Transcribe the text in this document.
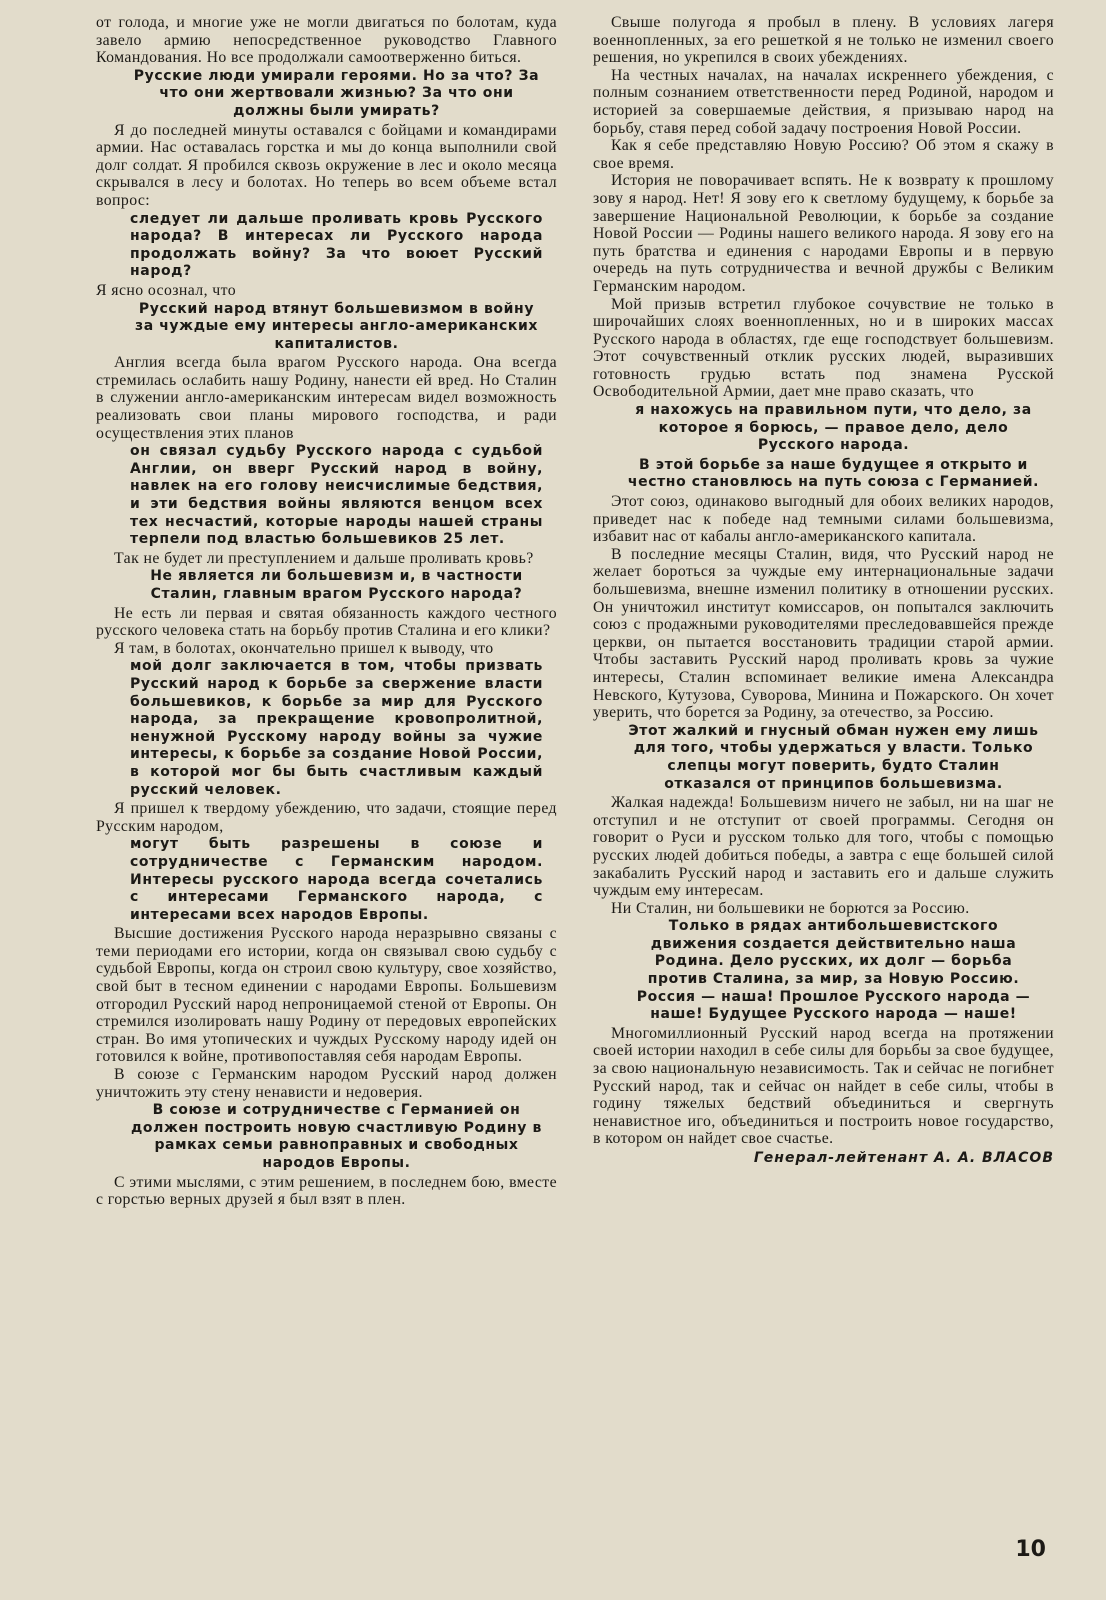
от голода, и многие уже не могли двигаться по болотам, куда завело армию непосредственное руководство Главного Командования. Но все продолжали самоотверженно биться.

Русские люди умирали героями. Но за что? За что они жертвовали жизнью? За что они должны были умирать?

Я до последней минуты оставался с бойцами и командирами армии. Нас оставалась горстка и мы до конца выполнили свой долг солдат. Я пробился сквозь окружение в лес и около месяца скрывался в лесу и болотах. Но теперь во всем объеме встал вопрос:

следует ли дальше проливать кровь Русского народа? В интересах ли Русского народа продолжать войну? За что воюет Русский народ?

Я ясно осознал, что

Русский народ втянут большевизмом в войну за чуждые ему интересы англо-американских капиталистов.

Англия всегда была врагом Русского народа. Она всегда стремилась ослабить нашу Родину, нанести ей вред. Но Сталин в служении англо-американским интересам видел возможность реализовать свои планы мирового господства, и ради осуществления этих планов

он связал судьбу Русского народа с судьбой Англии, он вверг Русский народ в войну, навлек на его голову неисчислимые бедствия, и эти бедствия войны являются венцом всех тех несчастий, которые народы нашей страны терпели под властью большевиков 25 лет.

Так не будет ли преступлением и дальше проливать кровь?

Не является ли большевизм и, в частности Сталин, главным врагом Русского народа?

Не есть ли первая и святая обязанность каждого честного русского человека стать на борьбу против Сталина и его клики?

Я там, в болотах, окончательно пришел к выводу, что

мой долг заключается в том, чтобы призвать Русский народ к борьбе за свержение власти большевиков, к борьбе за мир для Русского народа, за прекращение кровопролитной, ненужной Русскому народу войны за чужие интересы, к борьбе за создание Новой России, в которой мог бы быть счастливым каждый русский человек.

Я пришел к твердому убеждению, что задачи, стоящие перед Русским народом,

могут быть разрешены в союзе и сотрудничестве с Германским народом. Интересы русского народа всегда сочетались с интересами Германского народа, с интересами всех народов Европы.

Высшие достижения Русского народа неразрывно связаны с теми периодами его истории, когда он связывал свою судьбу с судьбой Европы, когда он строил свою культуру, свое хозяйство, свой быт в тесном единении с народами Европы. Большевизм отгородил Русский народ непроницаемой стеной от Европы. Он стремился изолировать нашу Родину от передовых европейских стран. Во имя утопических и чуждых Русскому народу идей он готовился к войне, противопоставляя себя народам Европы.

В союзе с Германским народом Русский народ должен уничтожить эту стену ненависти и недоверия.

В союзе и сотрудничестве с Германией он должен построить новую счастливую Родину в рамках семьи равноправных и свободных народов Европы.

С этими мыслями, с этим решением, в последнем бою, вместе с горстью верных друзей я был взят в плен.

Свыше полугода я пробыл в плену. В условиях лагеря военнопленных, за его решеткой я не только не изменил своего решения, но укрепился в своих убеждениях.

На честных началах, на началах искреннего убеждения, с полным сознанием ответственности перед Родиной, народом и историей за совершаемые действия, я призываю народ на борьбу, ставя перед собой задачу построения Новой России.

Как я себе представляю Новую Россию? Об этом я скажу в свое время.

История не поворачивает вспять. Не к возврату к прошлому зову я народ. Нет! Я зову его к светлому будущему, к борьбе за завершение Национальной Революции, к борьбе за создание Новой России — Родины нашего великого народа. Я зову его на путь братства и единения с народами Европы и в первую очередь на путь сотрудничества и вечной дружбы с Великим Германским народом.

Мой призыв встретил глубокое сочувствие не только в широчайших слоях военнопленных, но и в широких массах Русского народа в областях, где еще господствует большевизм. Этот сочувственный отклик русских людей, выразивших готовность грудью встать под знамена Русской Освободительной Армии, дает мне право сказать, что

я нахожусь на правильном пути, что дело, за которое я борюсь, — правое дело, дело Русского народа.

В этой борьбе за наше будущее я открыто и честно становлюсь на путь союза с Германией.

Этот союз, одинаково выгодный для обоих великих народов, приведет нас к победе над темными силами большевизма, избавит нас от кабалы англо-американского капитала.

В последние месяцы Сталин, видя, что Русский народ не желает бороться за чуждые ему интернациональные задачи большевизма, внешне изменил политику в отношении русских. Он уничтожил институт комиссаров, он попытался заключить союз с продажными руководителями преследовавшейся прежде церкви, он пытается восстановить традиции старой армии. Чтобы заставить Русский народ проливать кровь за чужие интересы, Сталин вспоминает великие имена Александра Невского, Кутузова, Суворова, Минина и Пожарского. Он хочет уверить, что борется за Родину, за отечество, за Россию.

Этот жалкий и гнусный обман нужен ему лишь для того, чтобы удержаться у власти. Только слепцы могут поверить, будто Сталин отказался от принципов большевизма.

Жалкая надежда! Большевизм ничего не забыл, ни на шаг не отступил и не отступит от своей программы. Сегодня он говорит о Руси и русском только для того, чтобы с помощью русских людей добиться победы, а завтра с еще большей силой закабалить Русский народ и заставить его и дальше служить чуждым ему интересам.

Ни Сталин, ни большевики не борются за Россию.

Только в рядах антибольшевистского движения создается действительно наша Родина. Дело русских, их долг — борьба против Сталина, за мир, за Новую Россию. Россия — наша! Прошлое Русского народа — наше! Будущее Русского народа — наше!

Многомиллионный Русский народ всегда на протяжении своей истории находил в себе силы для борьбы за свое будущее, за свою национальную независимость. Так и сейчас не погибнет Русский народ, так и сейчас он найдет в себе силы, чтобы в годину тяжелых бедствий объединиться и свергнуть ненавистное иго, объединиться и построить новое государство, в котором он найдет свое счастье.

Генерал-лейтенант А. А. ВЛАСОВ

10
